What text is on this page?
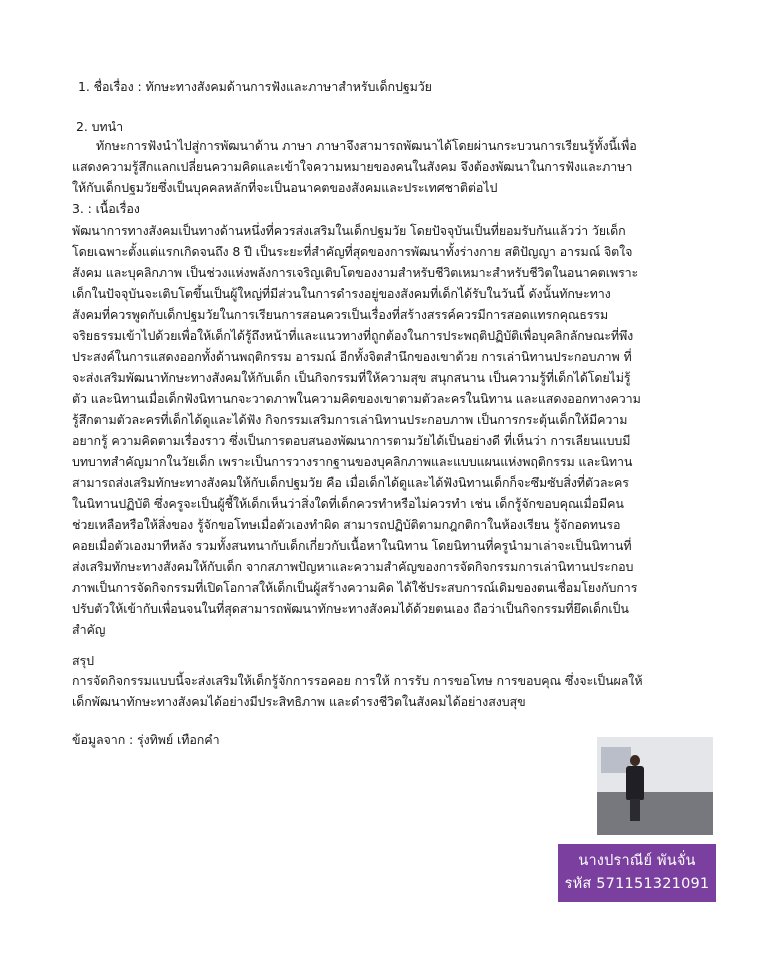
1. ชื่อเรื่อง : ทักษะทางสังคมด้านการฟังและภาษาสำหรับเด็กปฐมวัย
2. บทนำ
ทักษะการฟังนำไปสู่การพัฒนาด้าน ภาษา ภาษาจึงสามารถพัฒนาได้โดยผ่านกระบวนการเรียนรู้ทั้งนี้เพื่อ
แสดงความรู้สึกแลกเปลี่ยนความคิดและเข้าใจความหมายของคนในสังคม จึงต้องพัฒนาในการฟังและภาษา
ให้กับเด็กปฐมวัยซึ่งเป็นบุคคลหลักที่จะเป็นอนาคตของสังคมและประเทศชาติต่อไป
3. : เนื้อเรื่อง
พัฒนาการทางสังคมเป็นทางด้านหนึ่งที่ควรส่งเสริมในเด็กปฐมวัย โดยปัจจุบันเป็นที่ยอมรับกันแล้วว่า วัยเด็ก
โดยเฉพาะตั้งแต่แรกเกิดจนถึง 8 ปี เป็นระยะที่สำคัญที่สุดของการพัฒนาทั้งร่างกาย สติปัญญา อารมณ์ จิตใจ
สังคม และบุคลิกภาพ เป็นช่วงแห่งพลังการเจริญเติบโตของงามสำหรับชีวิตเหมาะสำหรับชีวิตในอนาคตเพราะ
เด็กในปัจจุบันจะเติบโตขึ้นเป็นผู้ใหญ่ที่มีส่วนในการดำรงอยู่ของสังคมที่เด็กได้รับในวันนี้ ดังนั้นทักษะทาง
สังคมที่ควรพูดกับเด็กปฐมวัยในการเรียนการสอนควรเป็นเรื่องที่สร้างสรรค์ควรมีการสอดแทรกคุณธรรม
จริยธรรมเข้าไปด้วยเพื่อให้เด็กได้รู้ถึงหน้าที่และแนวทางที่ถูกต้องในการประพฤติปฏิบัติเพื่อบุคลิกลักษณะที่พึง
ประสงค์ในการแสดงออกทั้งด้านพฤติกรรม อารมณ์ อีกทั้งจิตสำนึกของเขาด้วย การเล่านิทานประกอบภาพ ที่
จะส่งเสริมพัฒนาทักษะทางสังคมให้กับเด็ก เป็นกิจกรรมที่ให้ความสุข สนุกสนาน เป็นความรู้ที่เด็กได้โดยไม่รู้
ตัว และนิทานเมื่อเด็กฟังนิทานกจะวาดภาพในความคิดของเขาตามตัวละครในนิทาน และแสดงออกทางความ
รู้สึกตามตัวละครที่เด็กได้ดูและได้ฟัง กิจกรรมเสริมการเล่านิทานประกอบภาพ เป็นการกระตุ้นเด็กให้มีความ
อยากรู้ ความคิดตามเรื่องราว ซึ่งเป็นการตอบสนองพัฒนาการตามวัยได้เป็นอย่างดี ที่เห็นว่า การเลียนแบบมี
บทบาทสำคัญมากในวัยเด็ก เพราะเป็นการวางรากฐานของบุคลิกภาพและแบบแผนแห่งพฤติกรรม และนิทาน
สามารถส่งเสริมทักษะทางสังคมให้กับเด็กปฐมวัย คือ เมื่อเด็กได้ดูและได้ฟังนิทานเด็กก็จะซึมซับสิ่งที่ตัวละคร
ในนิทานปฏิบัติ ซึ่งครูจะเป็นผู้ชี้ให้เด็กเห็นว่าสิ่งใดที่เด็กควรทำหรือไม่ควรทำ เช่น เด็กรู้จักขอบคุณเมื่อมีคน
ช่วยเหลือหรือให้สิ่งของ รู้จักขอโทษเมื่อตัวเองทำผิด สามารถปฏิบัติตามกฎกติกาในห้องเรียน รู้จักอดทนรอ
คอยเมื่อตัวเองมาทีหลัง รวมทั้งสนทนากับเด็กเกี่ยวกับเนื้อหาในนิทาน โดยนิทานที่ครูนำมาเล่าจะเป็นนิทานที่
ส่งเสริมทักษะทางสังคมให้กับเด็ก จากสภาพปัญหาและความสำคัญของการจัดกิจกรรมการเล่านิทานประกอบ
ภาพเป็นการจัดกิจกรรมที่เปิดโอกาสให้เด็กเป็นผู้สร้างความคิด ได้ใช้ประสบการณ์เดิมของตนเชื่อมโยงกับการ
ปรับตัวให้เข้ากับเพื่อนจนในที่สุดสามารถพัฒนาทักษะทางสังคมได้ด้วยตนเอง ถือว่าเป็นกิจกรรมที่ยึดเด็กเป็น
สำคัญ
สรุป
การจัดกิจกรรมแบบนี้จะส่งเสริมให้เด็กรู้จักการรอคอย การให้ การรับ การขอโทษ การขอบคุณ ซึ่งจะเป็นผลให้
เด็กพัฒนาทักษะทางสังคมได้อย่างมีประสิทธิภาพ และดำรงชีวิตในสังคมได้อย่างสงบสุข
ข้อมูลจาก : รุ่งทิพย์ เทือกคำ
นางปราณีย์ พันจั่น
รหัส 571151321091
